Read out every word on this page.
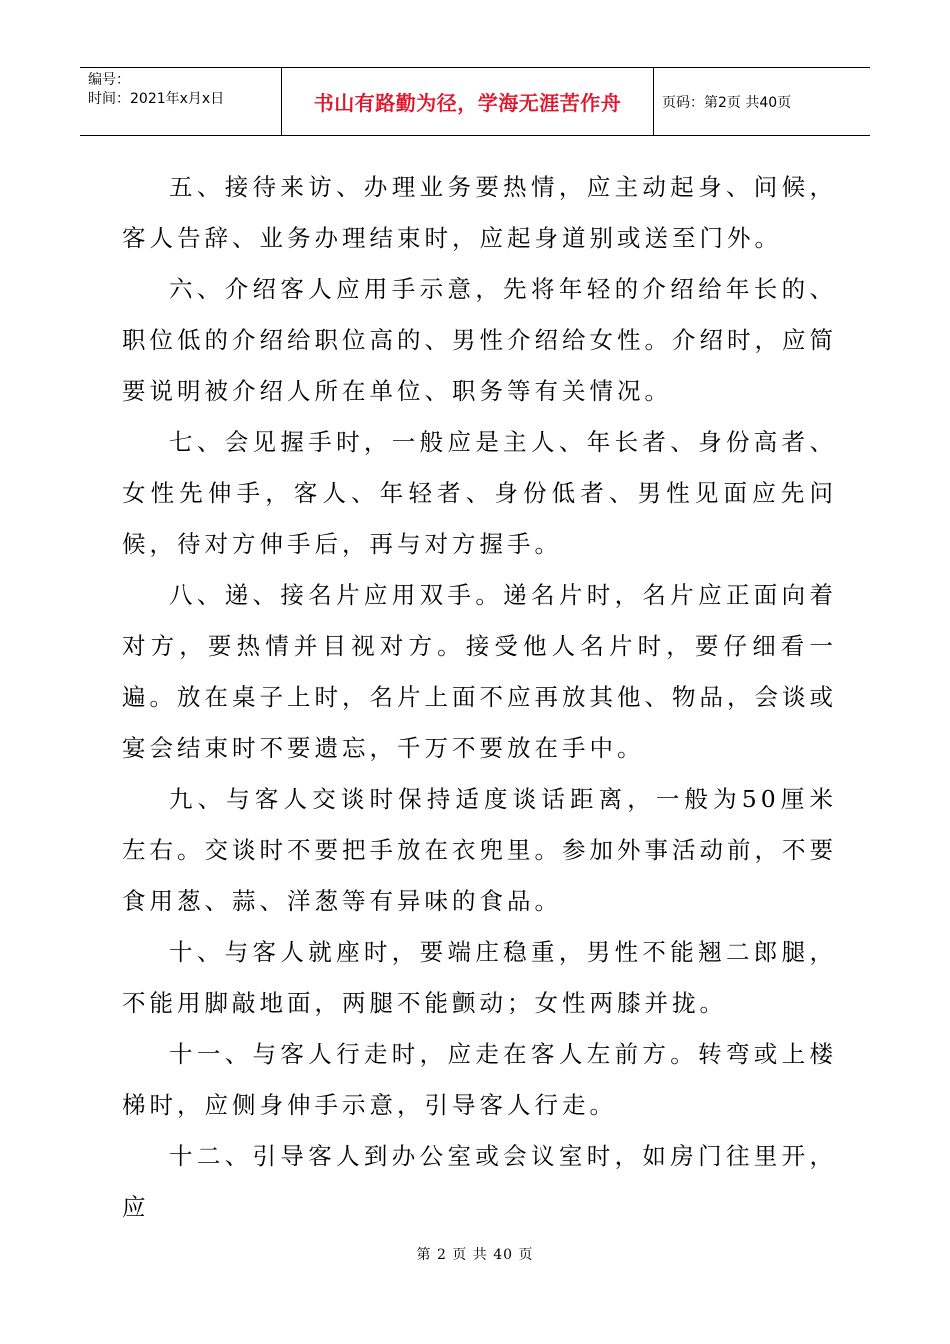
编号：
时间：2021年x月x日	书山有路勤为径，学海无涯苦作舟	页码：第2页 共40页

五、接待来访、办理业务要热情，应主动起身、问候，客人告辞、业务办理结束时，应起身道别或送至门外。

六、介绍客人应用手示意，先将年轻的介绍给年长的、职位低的介绍给职位高的、男性介绍给女性。介绍时，应简要说明被介绍人所在单位、职务等有关情况。

七、会见握手时，一般应是主人、年长者、身份高者、女性先伸手，客人、年轻者、身份低者、男性见面应先问候，待对方伸手后，再与对方握手。

八、递、接名片应用双手。递名片时，名片应正面向着对方，要热情并目视对方。接受他人名片时，要仔细看一遍。放在桌子上时，名片上面不应再放其他、物品，会谈或宴会结束时不要遗忘，千万不要放在手中。

九、与客人交谈时保持适度谈话距离，一般为50厘米左右。交谈时不要把手放在衣兜里。参加外事活动前，不要食用葱、蒜、洋葱等有异味的食品。

十、与客人就座时，要端庄稳重，男性不能翘二郎腿，不能用脚敲地面，两腿不能颤动；女性两膝并拢。

十一、与客人行走时，应走在客人左前方。转弯或上楼梯时，应侧身伸手示意，引导客人行走。

十二、引导客人到办公室或会议室时，如房门往里开，应

第 2 页 共 40 页
